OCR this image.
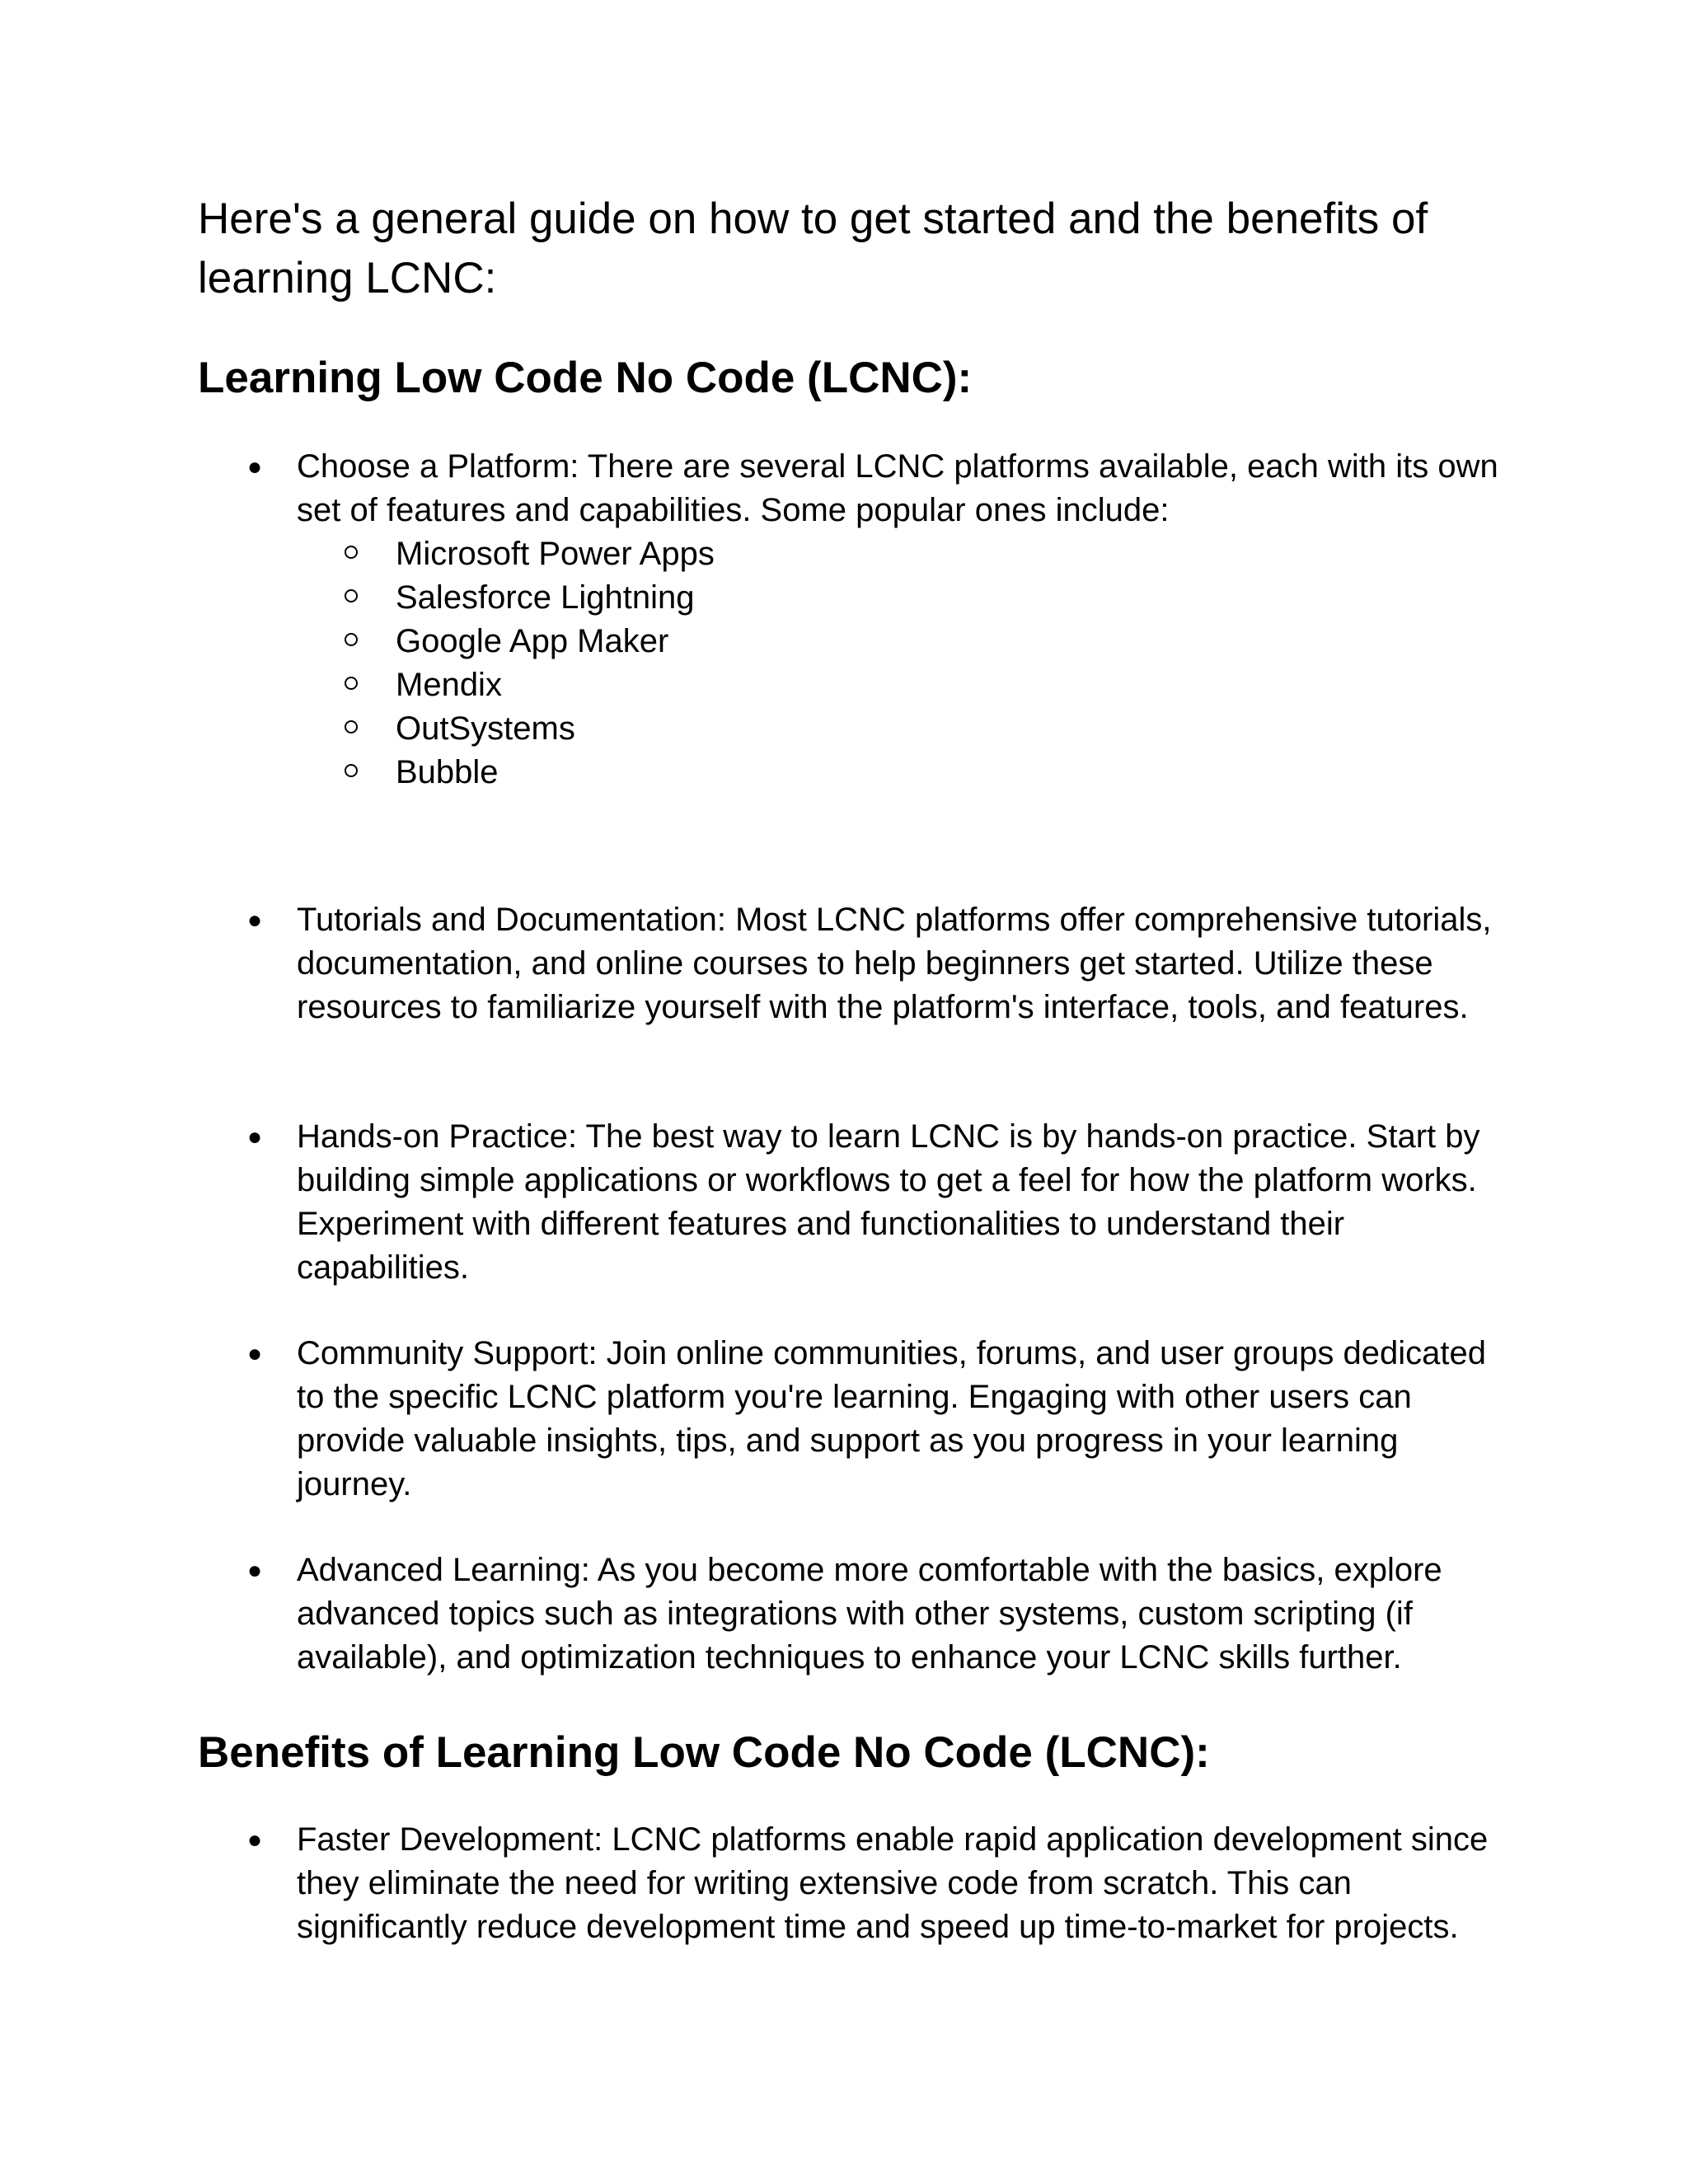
Here's a general guide on how to get started and the benefits of learning LCNC:

Learning Low Code No Code (LCNC):
●	Choose a Platform: There are several LCNC platforms available, each with its own set of features and capabilities. Some popular ones include:

Microsoft Power Apps
Salesforce Lightning
Google App Maker
Mendix
OutSystems
Bubble
●	Tutorials and Documentation: Most LCNC platforms offer comprehensive tutorials, documentation, and online courses to help beginners get started. Utilize these resources to familiarize yourself with the platform's interface, tools, and features.

●	Hands-on Practice: The best way to learn LCNC is by hands-on practice. Start by building simple applications or workflows to get a feel for how the platform works. Experiment with different features and functionalities to understand their capabilities.

●	Community Support: Join online communities, forums, and user groups dedicated to the specific LCNC platform you're learning. Engaging with other users can provide valuable insights, tips, and support as you progress in your learning journey.

●	Advanced Learning: As you become more comfortable with the basics, explore advanced topics such as integrations with other systems, custom scripting (if available), and optimization techniques to enhance your LCNC skills further.

Benefits of Learning Low Code No Code (LCNC):
●	Faster Development: LCNC platforms enable rapid application development since they eliminate the need for writing extensive code from scratch. This can significantly reduce development time and speed up time-to-market for projects.
